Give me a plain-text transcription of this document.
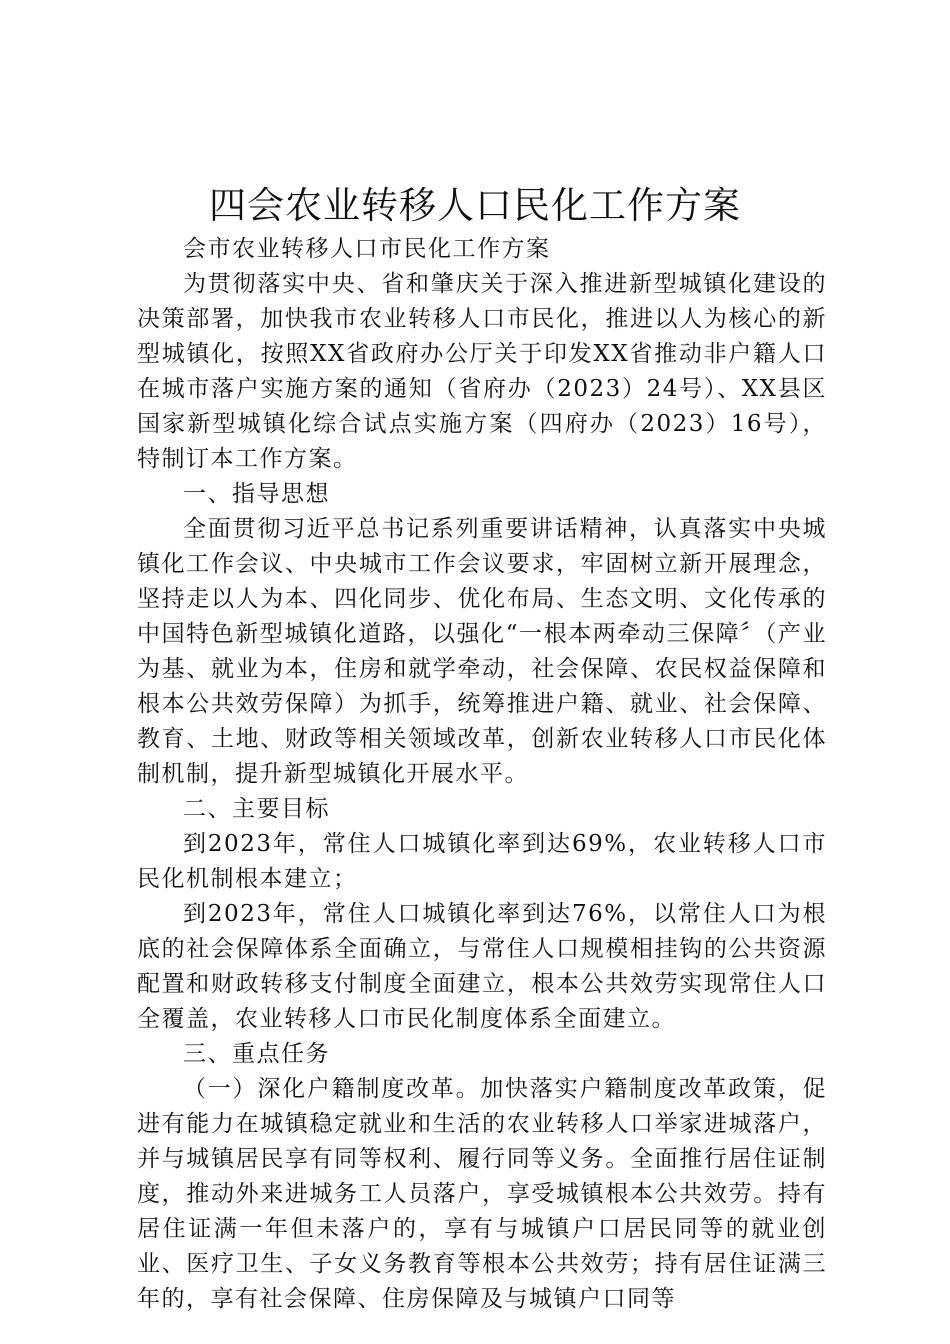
四会农业转移人口民化工作方案

会市农业转移人口市民化工作方案

为贯彻落实中央、省和肇庆关于深入推进新型城镇化建设的决策部署，加快我市农业转移人口市民化，推进以人为核心的新型城镇化，按照XX省政府办公厅关于印发XX省推动非户籍人口在城市落户实施方案的通知（省府办（2023）24号）、XX县区国家新型城镇化综合试点实施方案（四府办（2023）16号），特制订本工作方案。

一、指导思想

全面贯彻习近平总书记系列重要讲话精神，认真落实中央城镇化工作会议、中央城市工作会议要求，牢固树立新开展理念，坚持走以人为本、四化同步、优化布局、生态文明、文化传承的中国特色新型城镇化道路，以强化“一根本两牵动三保障〞（产业为基、就业为本，住房和就学牵动，社会保障、农民权益保障和根本公共效劳保障）为抓手，统筹推进户籍、就业、社会保障、教育、土地、财政等相关领域改革，创新农业转移人口市民化体制机制，提升新型城镇化开展水平。

二、主要目标

到2023年，常住人口城镇化率到达69%，农业转移人口市民化机制根本建立；

到2023年，常住人口城镇化率到达76%，以常住人口为根底的社会保障体系全面确立，与常住人口规模相挂钩的公共资源配置和财政转移支付制度全面建立，根本公共效劳实现常住人口全覆盖，农业转移人口市民化制度体系全面建立。

三、重点任务

（一）深化户籍制度改革。加快落实户籍制度改革政策，促进有能力在城镇稳定就业和生活的农业转移人口举家进城落户，并与城镇居民享有同等权利、履行同等义务。全面推行居住证制度，推动外来进城务工人员落户，享受城镇根本公共效劳。持有居住证满一年但未落户的，享有与城镇户口居民同等的就业创业、医疗卫生、子女义务教育等根本公共效劳；持有居住证满三年的，享有社会保障、住房保障及与城镇户口同等
